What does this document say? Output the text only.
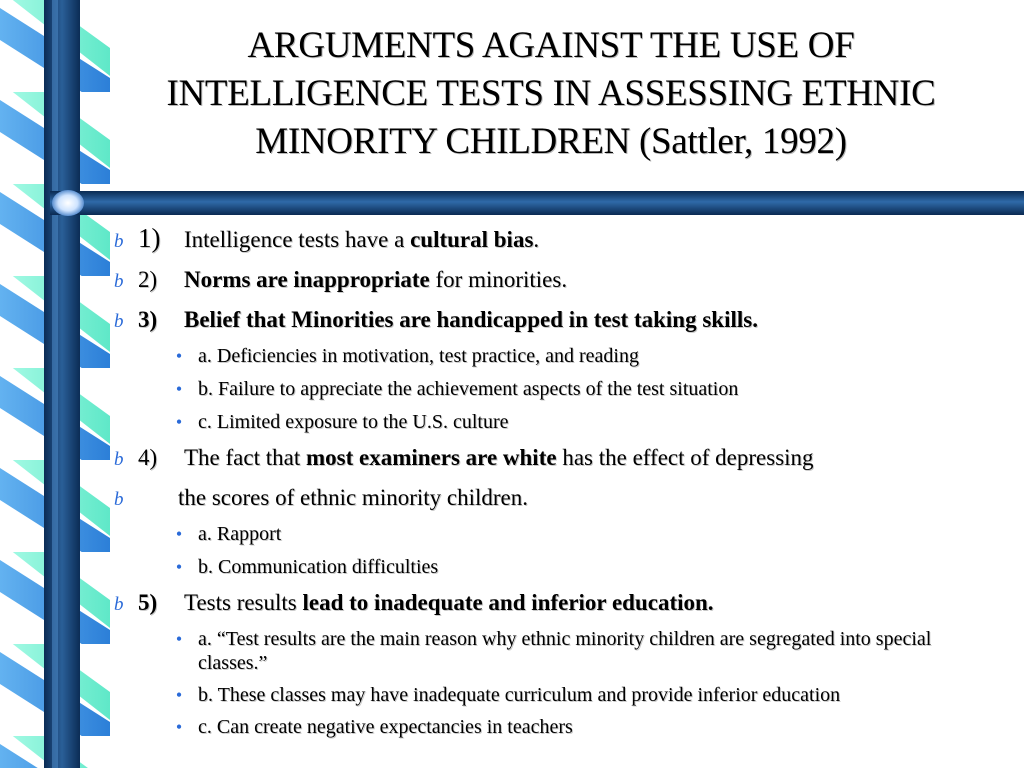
ARGUMENTS AGAINST THE USE OF
INTELLIGENCE TESTS IN ASSESSING ETHNIC
MINORITY CHILDREN (Sattler, 1992)
b 1)	Intelligence tests have a cultural bias.
b 2)	Norms are inappropriate for minorities.
b 3)	Belief that Minorities are handicapped in test taking skills.
• a. Deficiencies in motivation, test practice, and reading
• b. Failure to appreciate the achievement aspects of the test situation
• c. Limited exposure to the U.S. culture
b 4)	The fact that most examiners are white has the effect of depressing
b	the scores of ethnic minority children.
• a. Rapport
• b. Communication difficulties
b 5)	Tests results lead to inadequate and inferior education.
• a. “Test results are the main reason why ethnic minority children are segregated into special classes.”
• b. These classes may have inadequate curriculum and provide inferior education
• c. Can create negative expectancies in teachers
